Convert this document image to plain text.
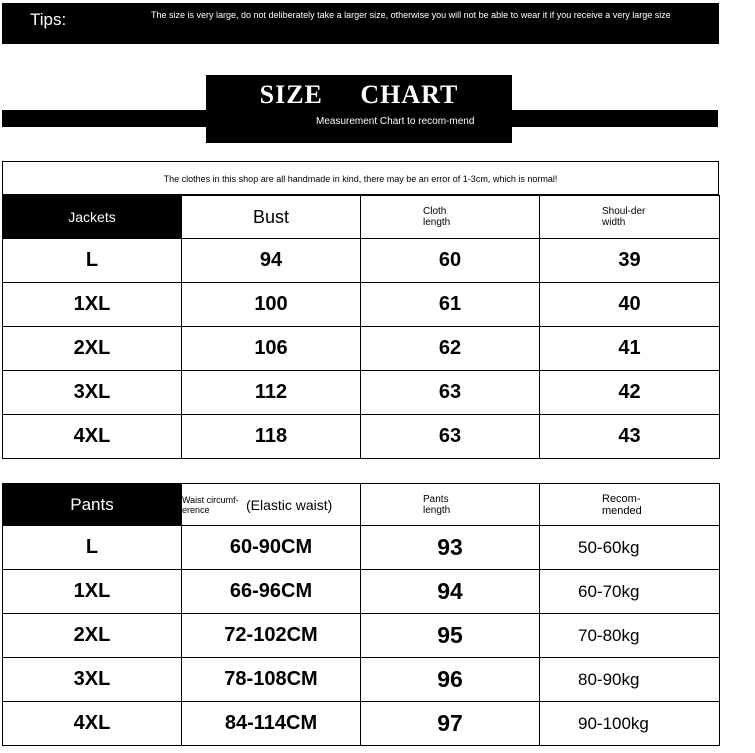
Tips:	The size is very large, do not deliberately take a larger size, otherwise you will not be able to wear it if you receive a very large size
SIZE CHART
Measurement Chart to recom-mend
The clothes in this shop are all handmade in kind, there may be an error of 1-3cm, which is normal!
Jackets	Bust	Cloth length	Shoul-der width

L	94	60	39
1XL	100	61	40
2XL	106	62	41
3XL	112	63	42
4XL	118	63	43
Pants	Waist circumf-erence (Elastic waist)	Pants length	Recom-mended

L	60-90CM	93	50-60kg
1XL	66-96CM	94	60-70kg
2XL	72-102CM	95	70-80kg
3XL	78-108CM	96	80-90kg
4XL	84-114CM	97	90-100kg
